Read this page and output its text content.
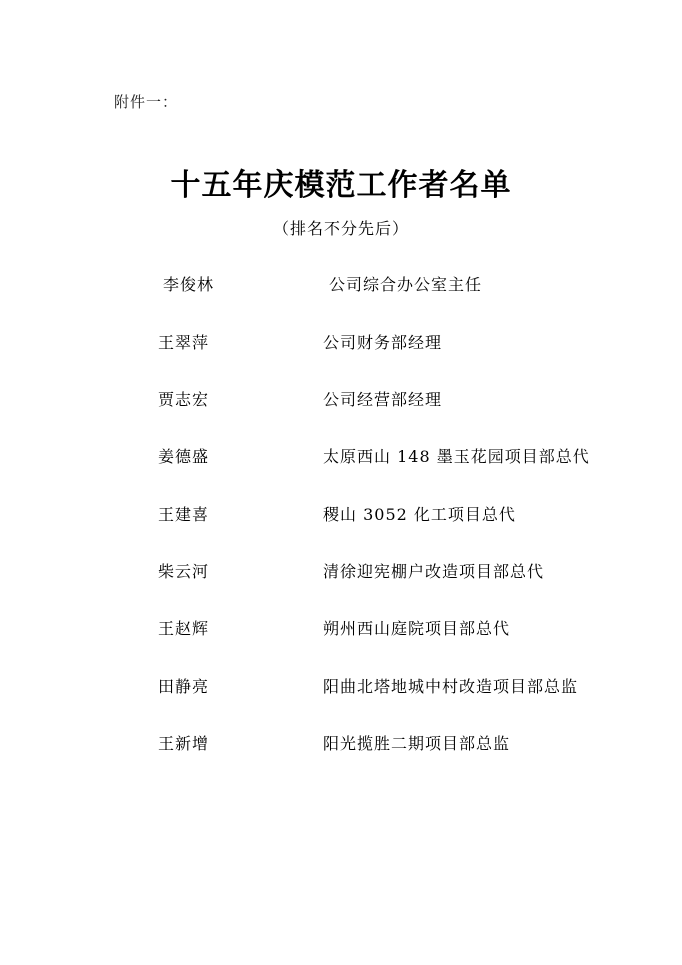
附件一：
十五年庆模范工作者名单
（排名不分先后）
李俊林	公司综合办公室主任
王翠萍	公司财务部经理
贾志宏	公司经营部经理
姜德盛	太原西山 148 墨玉花园项目部总代
王建喜	稷山 3052 化工项目总代
柴云河	清徐迎宪棚户改造项目部总代
王赵辉	朔州西山庭院项目部总代
田静亮	阳曲北塔地城中村改造项目部总监
王新增	阳光揽胜二期项目部总监
